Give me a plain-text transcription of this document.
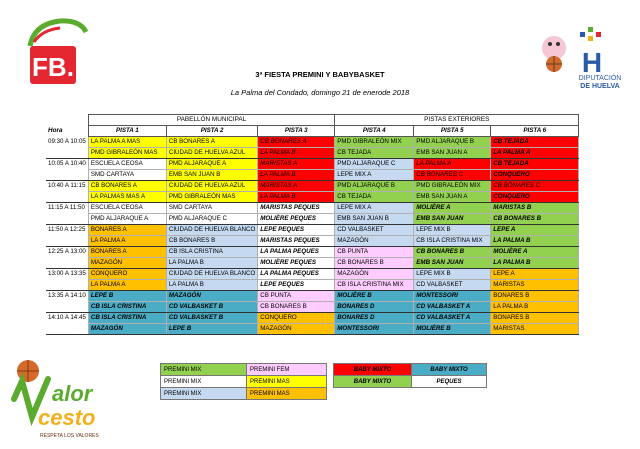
FB.	H
DIPUTACIÓN
DE HUELVA
3ª FIESTA PREMINI Y BABYBASKET
La Palma del Condado, domingo 21 de enerode 2018
	PABELLÓN MUNICIPAL			PISTAS EXTERIORES		
Hora	PISTA 1	PISTA 2	PISTA 3	PISTA 4	PISTA 5	PISTA 6
09:30 A 10:05	LA PALMA A MAS	CB BONARES A	CB BONARES A	PMD GIBRALEÓN MIX	PMD ALJARAQUE B	CB TEJADA
	PMD GIBRALEÓN MAS	CIUDAD DE HUELVA AZUL	LA PALMA B	CB TEJADA	EMB SAN JUAN A	LA PALMA A
10:05 A 10:40	ESCUELA CEOSA	PMD ALJARAQUE A	MARISTAS A	PMD ALJARAQUE C	LA PALMA A	CB TEJADA
	SMD CARTAYA	EMB SAN JUAN B	LA PALMA B	LEPE MIX A	CB BONARES C	CONQUERO
10:40 A 11:15	CB BONARES A	CIUDAD DE HUELVA AZUL	MARISTAS A	PMD ALJARAQUE B	PMD GIBRALEÓN MIX	CB BONARES C
	LA PALMAS MAS A	PMD GIBRALEÓN MAS	LA PALMA B	CB TEJADA	EMB SAN JUAN A	CONQUERO
11:15 A 11:50	ESCUELA CEOSA	SMD CARTAYA	MARISTAS PEQUES	LEPE MIX A	MOLIÈRE A	MARISTAS B
	PMD ALJARAQUE A	PMD ALJARAQUE C	MOLIÈRE PEQUES	EMB SAN JUAN B	EMB SAN JUAN	CB BONARES B
11:50 A 12:25	BONARES A	CIUDAD DE HUELVA BLANCO	LEPE PEQUES	CD VALBASKET	LEPE MIX B	LEPE A
	LA PALMA A	CB BONARES B	MARISTAS PEQUES	MAZAGÓN	CB ISLA CRISTINA MIX	LA PALMA B
12:25 A 13:00	BONARES A	CB ISLA CRISTINA	LA PALMA PEQUES	CB PUNTA	CB BONARES B	MOLIÈRE A
	MAZAGÓN	LA PALMA B	MOLIÈRE PEQUES	CB BONARES B	EMB SAN JUAN	LA PALMA B
13:00 A 13:35	CONQUERO	CIUDAD DE HUELVA BLANCO	LA PALMA PEQUES	MAZAGÓN	LEPE MIX B	LEPE A
	LA PALMA A	LA PALMA B	LEPE PEQUES	CB ISLA CRISTINA MIX	CD VALBASKET	MARISTAS
13:35 A 14:10	LEPE B	MAZAGÓN	CB PUNTA	MOLIÈRE B	MONTESSORI	BONARES B
	CB ISLA CRISTINA	CD VALBASKET B	CB BONARES B	BONARES D	CD VALBASKET A	LA PALMA B
14:10 A 14:45	CB ISLA CRISTINA	CD VALBASKET B	CONQUERO	BONARES D	CD VALBASKET A	BONARES B
	MAZAGÓN	LEPE B	MAZAGÓN	MONTESSORI	MOLIÈRE B	MARISTAS
PREMINI MIX	PREMINI FEM		BABY MIXTO	BABY MIXTO
PREMINI MIX	PREMINI MAS		BABY MIXTO	PEQUES
PREMINI MIX	PREMINI MAS			
alor
cesto
RESPETA LOS VALORES
